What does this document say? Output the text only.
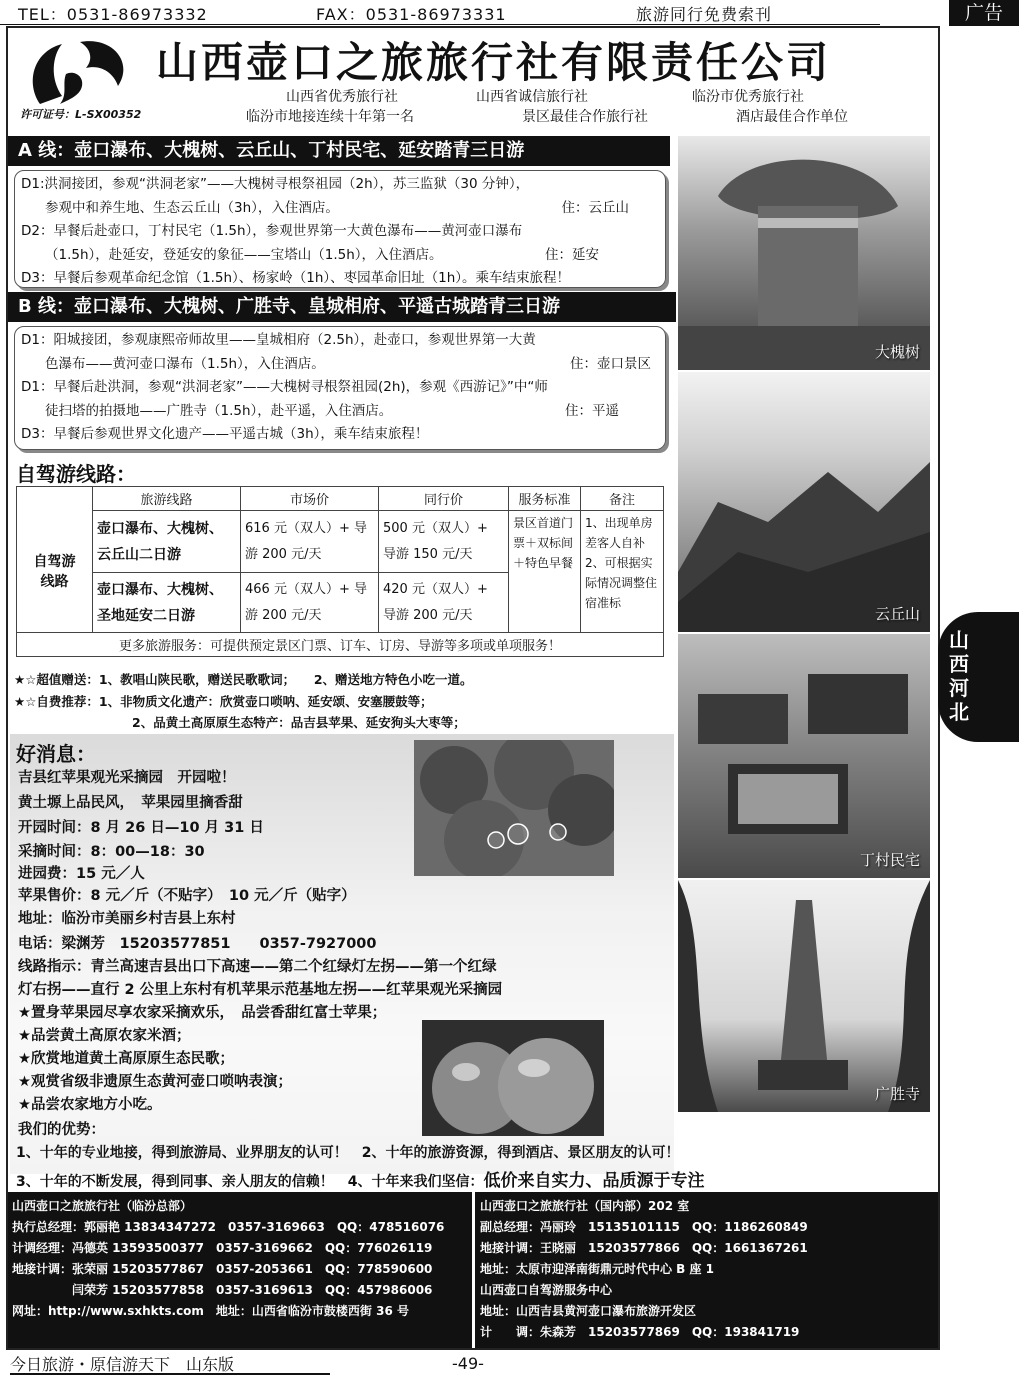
TEL：0531-86973332	FAX：0531-86973331	旅游同行免费索刊	广告
山西壶口之旅旅行社有限责任公司
许可证号：L-SX00352
山西省优秀旅行社	山西省诚信旅行社	临汾市优秀旅行社
临汾市地接连续十年第一名	景区最佳合作旅行社	酒店最佳合作单位
A 线：壶口瀑布、大槐树、云丘山、丁村民宅、延安踏青三日游
D1:洪洞接团，参观“洪洞老家”——大槐树寻根祭祖园（2h），苏三监狱（30 分钟），
参观中和养生地、生态云丘山（3h），入住酒店。	住：云丘山
D2：早餐后赴壶口，丁村民宅（1.5h），参观世界第一大黄色瀑布——黄河壶口瀑布
（1.5h），赴延安，登延安的象征——宝塔山（1.5h），入住酒店。	住：延安
D3：早餐后参观革命纪念馆（1.5h）、杨家岭（1h）、枣园革命旧址（1h）。乘车结束旅程！
B 线：壶口瀑布、大槐树、广胜寺、皇城相府、平遥古城踏青三日游
D1：阳城接团，参观康熙帝师故里——皇城相府（2.5h），赴壶口，参观世界第一大黄
色瀑布——黄河壶口瀑布（1.5h），入住酒店。	住：壶口景区
D1：早餐后赴洪洞，参观“洪洞老家”——大槐树寻根祭祖园(2h)，参观《西游记》”中“师
徒扫塔的拍摄地——广胜寺（1.5h），赴平遥，入住酒店。	住：平遥
D3：早餐后参观世界文化遗产——平遥古城（3h），乘车结束旅程！
自驾游线路：
	旅游线路	市场价	同行价	服务标准	备注
自驾游线路	壶口瀑布、大槐树、云丘山二日游	616 元（双人）+ 导游 200 元/天	500 元（双人）+ 导游 150 元/天	景区首道门票＋双标间＋特色早餐	1、出现单房差客人自补 2、可根据实际情况调整住宿准标
	壶口瀑布、大槐树、圣地延安二日游	466 元（双人）+ 导游 200 元/天	420 元（双人）+ 导游 200 元/天		
更多旅游服务：可提供预定景区门票、订车、订房、导游等多项或单项服务！					
★☆超值赠送：1、教唱山陕民歌，赠送民歌歌词；　　2、赠送地方特色小吃一道。
★☆自费推荐：1、非物质文化遗产：欣赏壶口唢呐、延安颂、安塞腰鼓等；
2、品黄土高原原生态特产：品吉县苹果、延安狗头大枣等；
好消息：
吉县红苹果观光采摘园　开园啦！
黄土塬上品民风，　苹果园里摘香甜
开园时间：8 月 26 日—10 月 31 日
采摘时间：8：00—18：30
进园费：15 元／人
苹果售价：8 元／斤（不贴字）　10 元／斤（贴字）
地址：临汾市美丽乡村吉县上东村
电话：梁渊芳　15203577851　　0357-7927000
线路指示：青兰高速吉县出口下高速——第二个红绿灯左拐——第一个红绿
灯右拐——直行 2 公里上东村有机苹果示范基地左拐——红苹果观光采摘园
★置身苹果园尽享农家采摘欢乐，　品尝香甜红富士苹果；
★品尝黄土高原农家米酒；
★欣赏地道黄土高原原生态民歌；
★观赏省级非遗原生态黄河壶口唢呐表演；
★品尝农家地方小吃。
我们的优势：
1、十年的专业地接，得到旅游局、业界朋友的认可！　2、十年的旅游资源，得到酒店、景区朋友的认可！
3、十年的不断发展，得到同事、亲人朋友的信赖！　4、十年来我们坚信：低价来自实力、品质源于专注
大槐树
云丘山
丁村民宅
广胜寺
山西壶口之旅旅行社（临汾总部）
执行总经理：郭丽艳 13834347272　0357-3169663　QQ：478516076
计调经理：冯德英 13593500377　0357-3169662　QQ：776026119
地接计调：张荣丽 15203577867　0357-2053661　QQ：778590600
　　　　　闫荣芳 15203577858　0357-3169613　QQ：457986006
网址：http://www.sxhkts.com　地址：山西省临汾市鼓楼西街 36 号
山西壶口之旅旅行社（国内部）202 室
副总经理：冯丽玲　15135101115　QQ：1186260849
地接计调：王晓丽　15203577866　QQ：1661367261
地址：太原市迎泽南街鼎元时代中心 B 座 1
山西壶口自驾游服务中心
地址：山西吉县黄河壶口瀑布旅游开发区
计　　调：朱森芳　15203577869　QQ：193841719
山西河北
今日旅游・原信游天下　山东版	-49-
